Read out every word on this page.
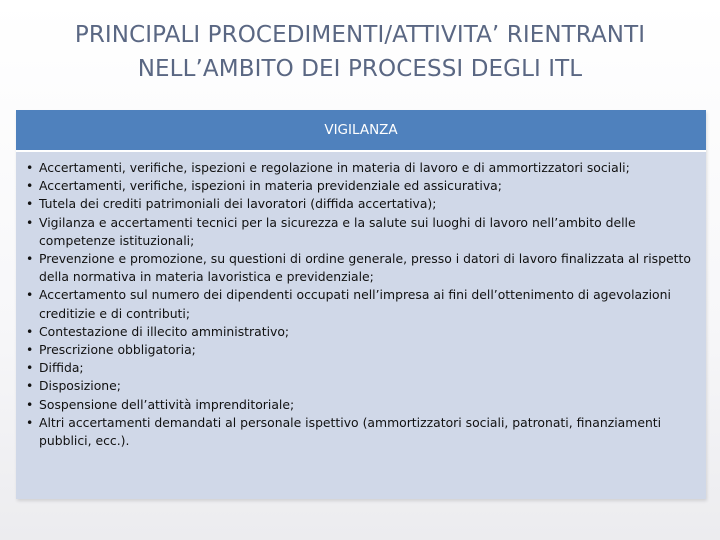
PRINCIPALI PROCEDIMENTI/ATTIVITA’ RIENTRANTI
NELL’AMBITO DEI PROCESSI DEGLI ITL
VIGILANZA
• Accertamenti, verifiche, ispezioni e regolazione in materia di lavoro e di ammortizzatori sociali;
• Accertamenti, verifiche, ispezioni in materia previdenziale ed assicurativa;
• Tutela dei crediti patrimoniali dei lavoratori (diffida accertativa);
• Vigilanza e accertamenti tecnici per la sicurezza e la salute sui luoghi di lavoro nell’ambito delle competenze istituzionali;
• Prevenzione e promozione, su questioni di ordine generale, presso i datori di lavoro finalizzata al rispetto della normativa in materia lavoristica e previdenziale;
• Accertamento sul numero dei dipendenti occupati nell’impresa ai fini dell’ottenimento di agevolazioni creditizie e di contributi;
• Contestazione di illecito amministrativo;
• Prescrizione obbligatoria;
• Diffida;
• Disposizione;
• Sospensione dell’attività imprenditoriale;
• Altri accertamenti demandati al personale ispettivo (ammortizzatori sociali, patronati, finanziamenti pubblici, ecc.).
